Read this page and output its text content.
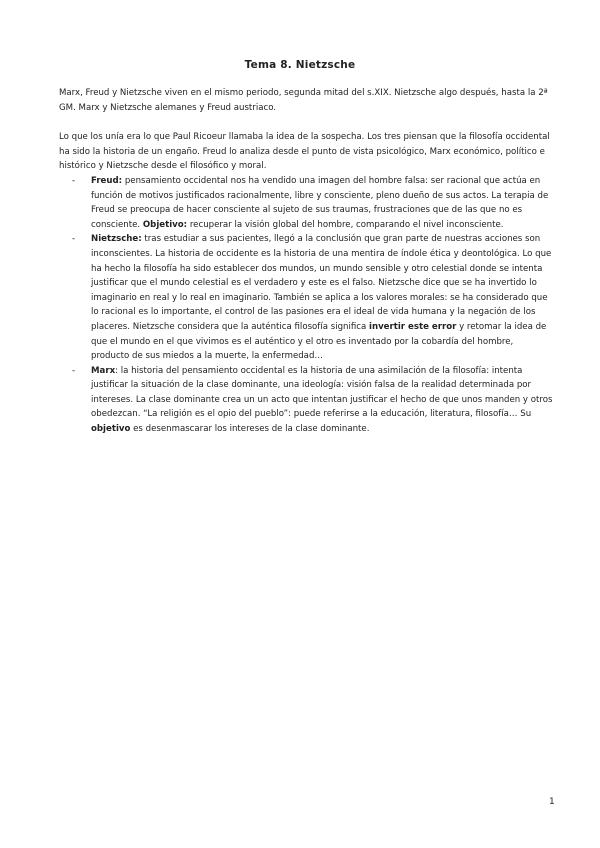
Tema 8. Nietzsche

Marx, Freud y Nietzsche viven en el mismo periodo, segunda mitad del s.XIX. Nietzsche algo después, hasta la 2ª GM. Marx y Nietzsche alemanes y Freud austriaco.

Lo que los unía era lo que Paul Ricoeur llamaba la idea de la sospecha. Los tres piensan que la filosofía occidental ha sido la historia de un engaño. Freud lo analiza desde el punto de vista psicológico, Marx económico, político e histórico y Nietzsche desde el filosófico y moral.

- Freud: pensamiento occidental nos ha vendido una imagen del hombre falsa: ser racional que actúa en función de motivos justificados racionalmente, libre y consciente, pleno dueño de sus actos. La terapia de Freud se preocupa de hacer consciente al sujeto de sus traumas, frustraciones que de las que no es consciente. Objetivo: recuperar la visión global del hombre, comparando el nivel inconsciente.
- Nietzsche: tras estudiar a sus pacientes, llegó a la conclusión que gran parte de nuestras acciones son inconscientes. La historia de occidente es la historia de una mentira de índole ética y deontológica. Lo que ha hecho la filosofía ha sido establecer dos mundos, un mundo sensible y otro celestial donde se intenta justificar que el mundo celestial es el verdadero y este es el falso. Nietzsche dice que se ha invertido lo imaginario en real y lo real en imaginario. También se aplica a los valores morales: se ha considerado que lo racional es lo importante, el control de las pasiones era el ideal de vida humana y la negación de los placeres. Nietzsche considera que la auténtica filosofía significa invertir este error y retomar la idea de que el mundo en el que vivimos es el auténtico y el otro es inventado por la cobardía del hombre, producto de sus miedos a la muerte, la enfermedad…
- Marx: la historia del pensamiento occidental es la historia de una asimilación de la filosofía: intenta justificar la situación de la clase dominante, una ideología: visión falsa de la realidad determinada por intereses. La clase dominante crea un un acto que intentan justificar el hecho de que unos manden y otros obedezcan. “La religión es el opio del pueblo”: puede referirse a la educación, literatura, filosofía… Su objetivo es desenmascarar los intereses de la clase dominante.
1
